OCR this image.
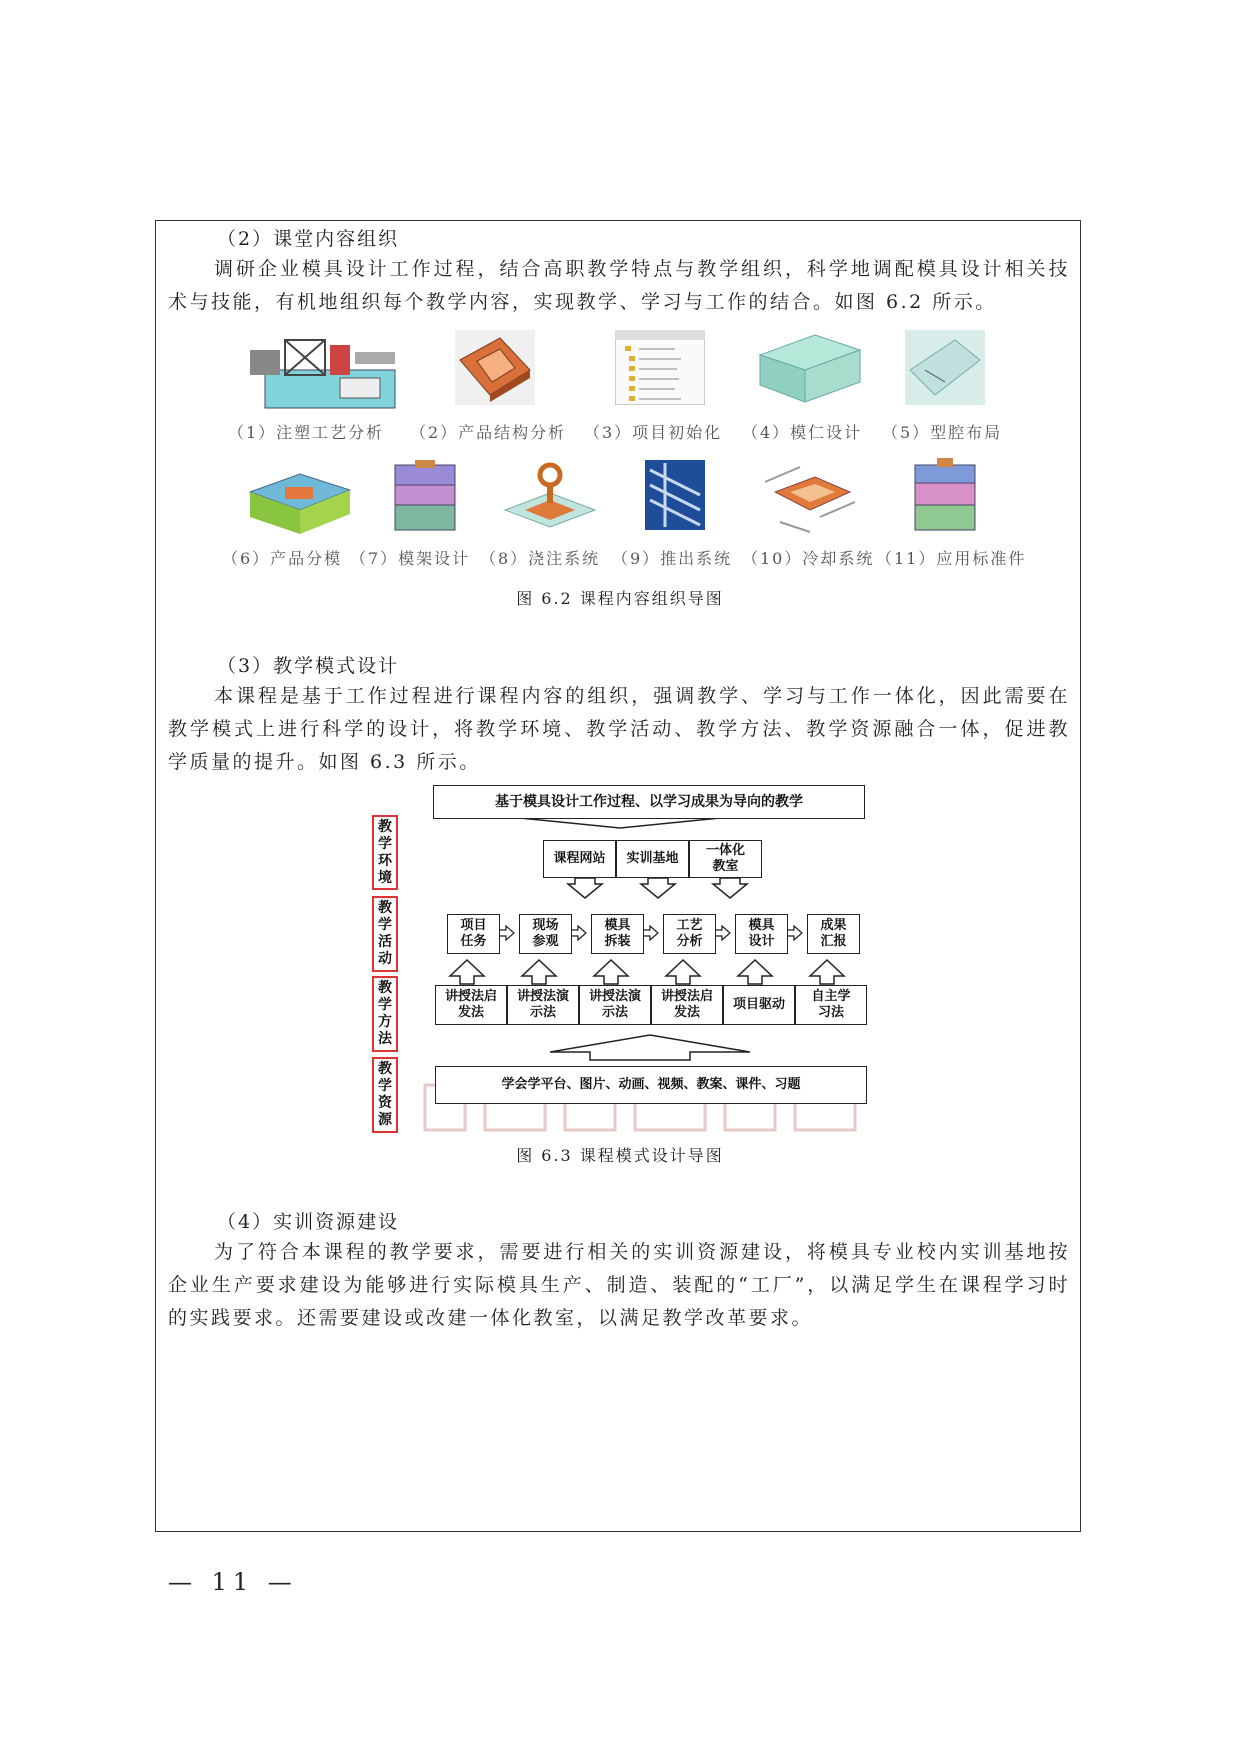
（2）课堂内容组织

调研企业模具设计工作过程，结合高职教学特点与教学组织，科学地调配模具设计相关技术与技能，有机地组织每个教学内容，实现教学、学习与工作的结合。如图 6.2 所示。

（1）注塑工艺分析 （2）产品结构分析 （3）项目初始化 （4）模仁设计 （5）型腔布局
（6）产品分模 （7）模架设计 （8）浇注系统 （9）推出系统 （10）冷却系统 （11）应用标准件
图 6.2 课程内容组织导图
（3）教学模式设计

本课程是基于工作过程进行课程内容的组织，强调教学、学习与工作一体化，因此需要在教学模式上进行科学的设计，将教学环境、教学活动、教学方法、教学资源融合一体，促进教学质量的提升。如图 6.3 所示。

基于模具设计工作过程、以学习成果为导向的教学
教学环境
教学活动
教学方法
教学资源
课程网站	实训基地
一体化教室
项目任务
现场参观
模具拆装
工艺分析
模具设计
成果汇报
讲授法启发法
讲授法演示法
讲授法演示法
讲授法启发法
项目驱动
自主学习法
学会学平台、图片、动画、视频、教案、课件、习题
图 6.3 课程模式设计导图
（4）实训资源建设

为了符合本课程的教学要求，需要进行相关的实训资源建设，将模具专业校内实训基地按企业生产要求建设为能够进行实际模具生产、制造、装配的“工厂”，以满足学生在课程学习时的实践要求。还需要建设或改建一体化教室，以满足教学改革要求。

— 11 —
